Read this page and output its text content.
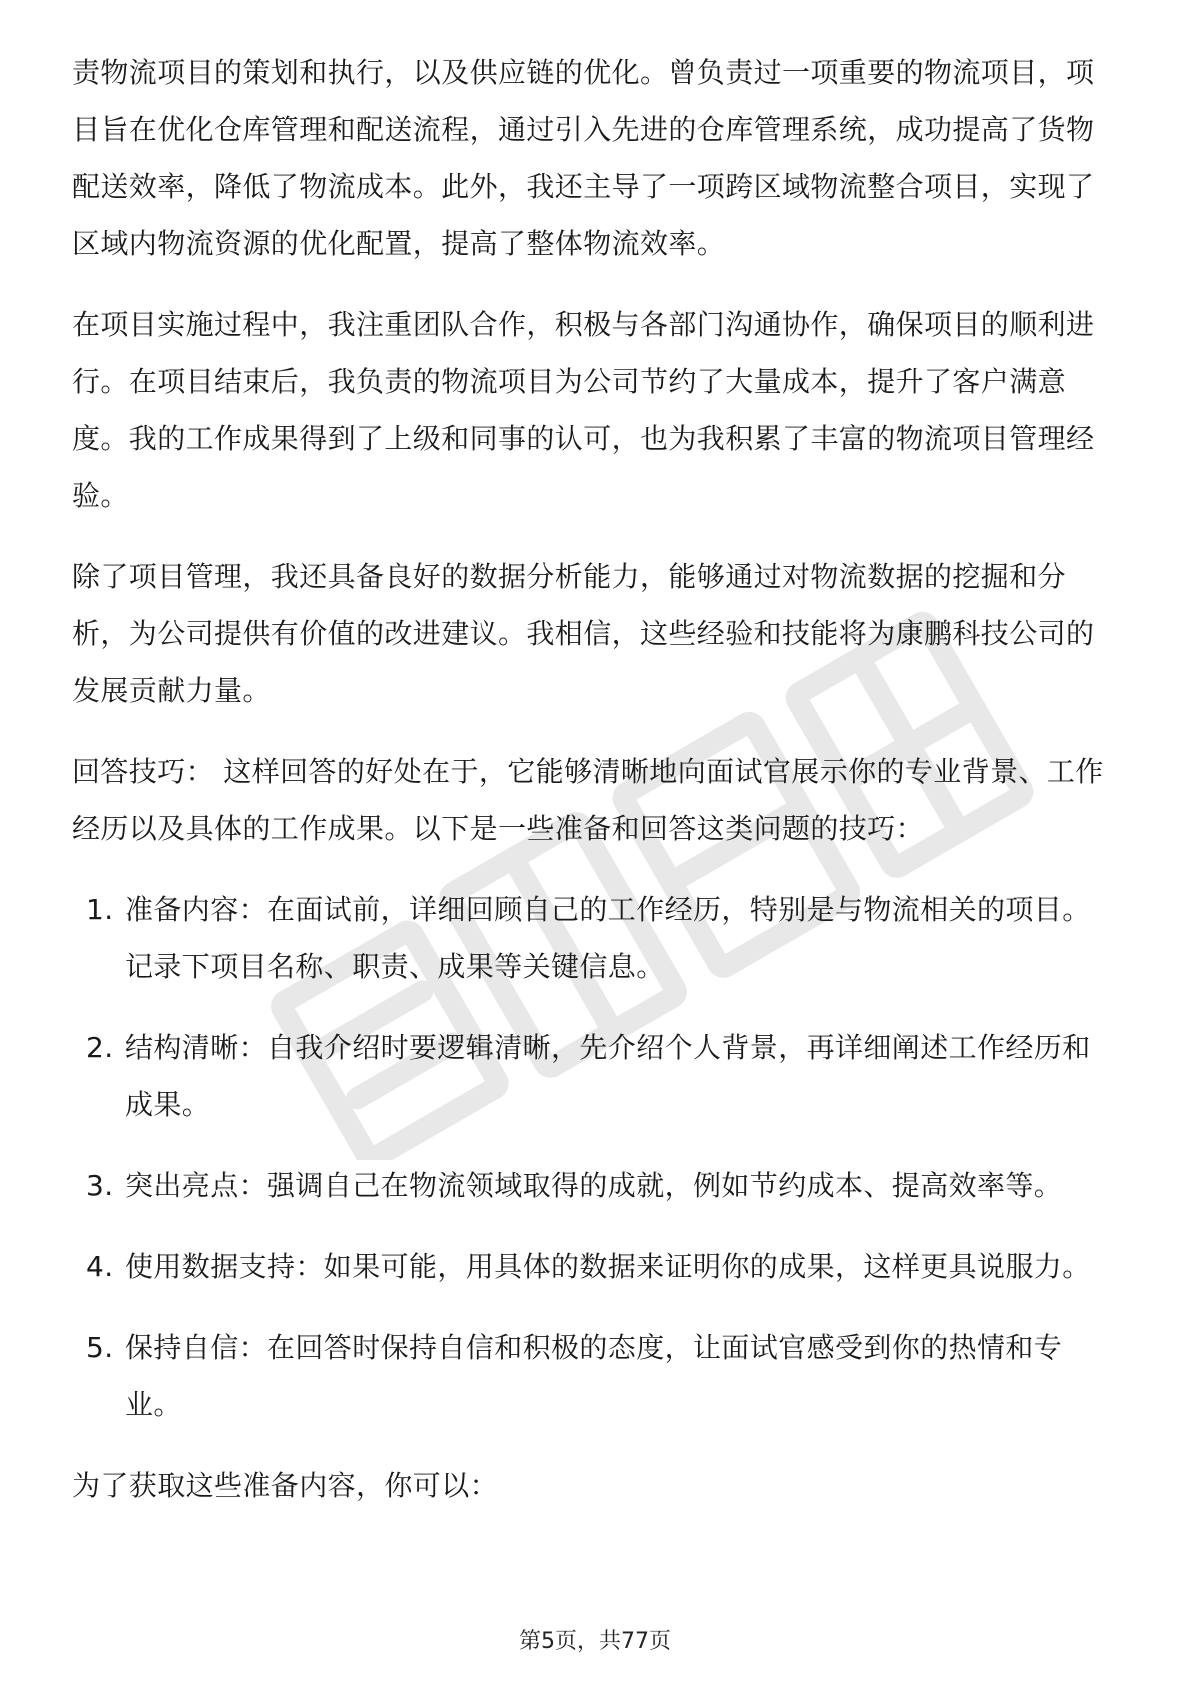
责物流项目的策划和执行，以及供应链的优化。曾负责过一项重要的物流项目，项目旨在优化仓库管理和配送流程，通过引入先进的仓库管理系统，成功提高了货物配送效率，降低了物流成本。此外，我还主导了一项跨区域物流整合项目，实现了区域内物流资源的优化配置，提高了整体物流效率。

在项目实施过程中，我注重团队合作，积极与各部门沟通协作，确保项目的顺利进行。在项目结束后，我负责的物流项目为公司节约了大量成本，提升了客户满意度。我的工作成果得到了上级和同事的认可，也为我积累了丰富的物流项目管理经验。

除了项目管理，我还具备良好的数据分析能力，能够通过对物流数据的挖掘和分析，为公司提供有价值的改进建议。我相信，这些经验和技能将为康鹏科技公司的发展贡献力量。

回答技巧： 这样回答的好处在于，它能够清晰地向面试官展示你的专业背景、工作经历以及具体的工作成果。以下是一些准备和回答这类问题的技巧：

1. 准备内容：在面试前，详细回顾自己的工作经历，特别是与物流相关的项目。记录下项目名称、职责、成果等关键信息。
2. 结构清晰：自我介绍时要逻辑清晰，先介绍个人背景，再详细阐述工作经历和成果。
3. 突出亮点：强调自己在物流领域取得的成就，例如节约成本、提高效率等。
4. 使用数据支持：如果可能，用具体的数据来证明你的成果，这样更具说服力。
5. 保持自信：在回答时保持自信和积极的态度，让面试官感受到你的热情和专业。

为了获取这些准备内容，你可以：

第5页，共77页
